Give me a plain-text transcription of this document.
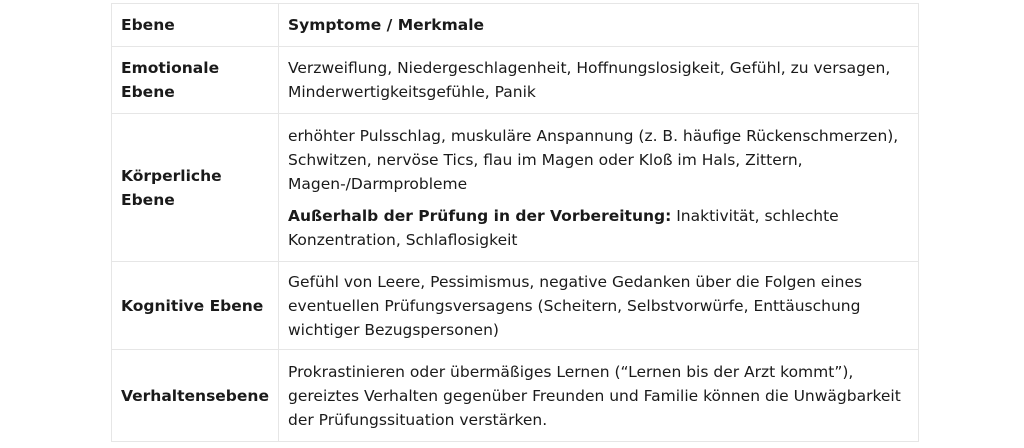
Ebene	Symptome / Merkmale
Emotionale Ebene	Verzweiflung, Niedergeschlagenheit, Hoffnungslosigkeit, Gefühl, zu versagen, Minderwertigkeitsgefühle, Panik
Körperliche Ebene	erhöhter Pulsschlag, muskuläre Anspannung (z. B. häufige Rückenschmerzen), Schwitzen, nervöse Tics, flau im Magen oder Kloß im Hals, Zittern, Magen-/Darmprobleme

Außerhalb der Prüfung in der Vorbereitung: Inaktivität, schlechte Konzentration, Schlaflosigkeit

Kognitive Ebene	Gefühl von Leere, Pessimismus, negative Gedanken über die Folgen eines eventuellen Prüfungsversagens (Scheitern, Selbstvorwürfe, Enttäuschung wichtiger Bezugspersonen)
Verhaltensebene	Prokrastinieren oder übermäßiges Lernen (“Lernen bis der Arzt kommt”), gereiztes Verhalten gegenüber Freunden und Familie können die Unwägbarkeit der Prüfungssituation verstärken.
